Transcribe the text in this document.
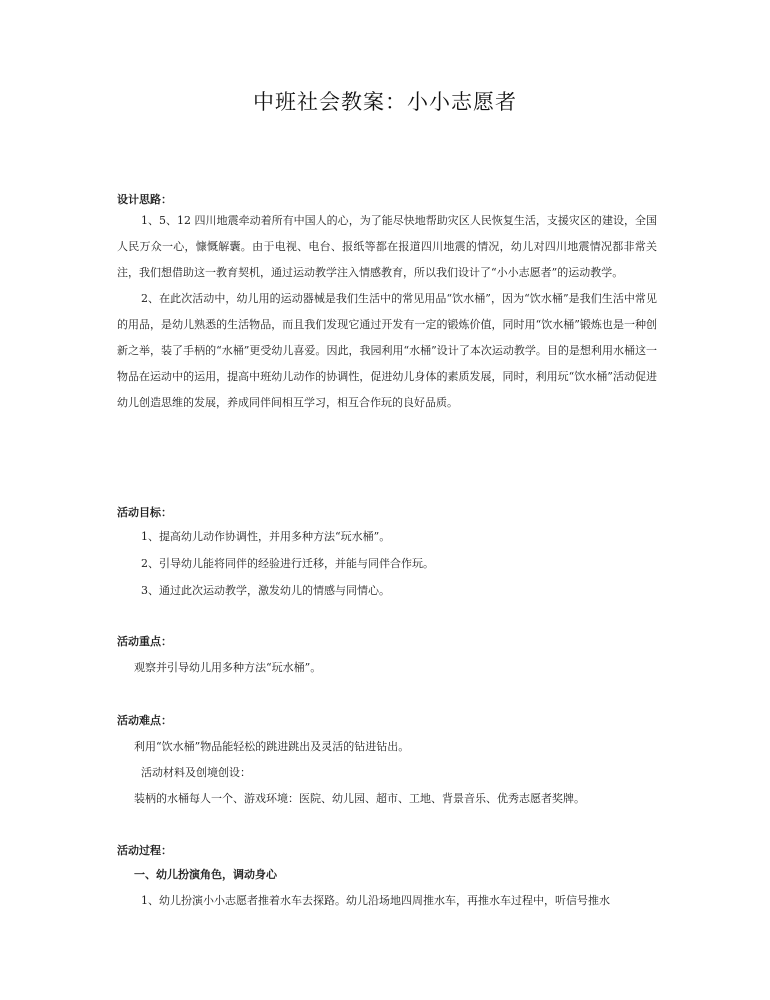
中班社会教案：小小志愿者
设计思路：

1、5、12 四川地震牵动着所有中国人的心，为了能尽快地帮助灾区人民恢复生活，支援灾区的建设，全国人民万众一心，慷慨解囊。由于电视、电台、报纸等都在报道四川地震的情况，幼儿对四川地震情况都非常关注，我们想借助这一教育契机，通过运动教学注入情感教育，所以我们设计了“小小志愿者”的运动教学。

2、在此次活动中，幼儿用的运动器械是我们生活中的常见用品“饮水桶”，因为“饮水桶”是我们生活中常见的用品，是幼儿熟悉的生活物品，而且我们发现它通过开发有一定的锻炼价值，同时用“饮水桶”锻炼也是一种创新之举，装了手柄的“水桶”更受幼儿喜爱。因此，我园利用“水桶”设计了本次运动教学。目的是想利用水桶这一物品在运动中的运用，提高中班幼儿动作的协调性，促进幼儿身体的素质发展，同时，利用玩“饮水桶”活动促进幼儿创造思维的发展，养成同伴间相互学习，相互合作玩的良好品质。

活动目标：
1、提高幼儿动作协调性，并用多种方法“玩水桶”。
2、引导幼儿能将同伴的经验进行迁移，并能与同伴合作玩。
3、通过此次运动教学，激发幼儿的情感与同情心。
活动重点：
观察并引导幼儿用多种方法“玩水桶”。
活动难点：
利用“饮水桶”物品能轻松的跳进跳出及灵活的钻进钻出。
活动材料及创境创设：
装柄的水桶每人一个、游戏环境：医院、幼儿园、超市、工地、背景音乐、优秀志愿者奖牌。
活动过程：
一、幼儿扮演角色，调动身心
1、幼儿扮演小小志愿者推着水车去探路。幼儿沿场地四周推水车，再推水车过程中，听信号推水
